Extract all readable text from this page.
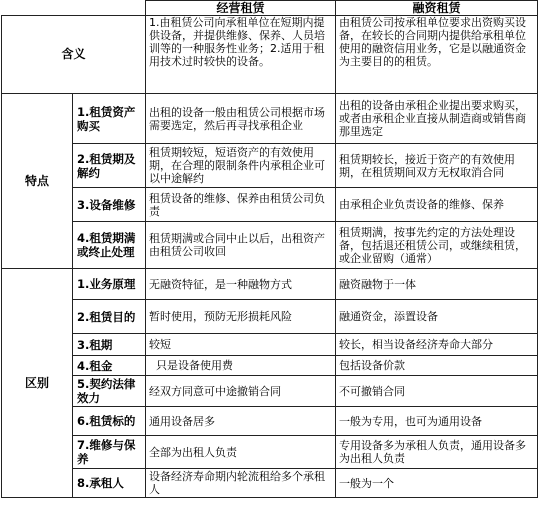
		经营租赁	融资租赁
含义		1.由租赁公司向承租单位在短期内提供设备，并提供维修、保养、人员培训等的一种服务性业务；2.适用于租用技术过时较快的设备。	由租赁公司按承租单位要求出资购买设备，在较长的合同期内提供给承租单位使用的融资信用业务，它是以融通资金为主要目的的租赁。
特点	1.租赁资产购买	出租的设备一般由租赁公司根据市场需要选定，然后再寻找承租企业	出租的设备由承租企业提出要求购买，或者由承租企业直接从制造商或销售商那里选定
	2.租赁期及解约	租赁期较短，短语资产的有效使用期，在合理的限制条件内承租企业可以中途解约	租赁期较长，接近于资产的有效使用期，在租赁期间双方无权取消合同
	3.设备维修	租赁设备的维修、保养由租赁公司负责	由承租企业负责设备的维修、保养
	4.租赁期满或终止处理	租赁期满或合同中止以后，出租资产由租赁公司收回	租赁期满，按事先约定的方法处理设备，包括退还租赁公司，或继续租赁，或企业留购（通常）
区别	1.业务原理	无融资特征，是一种融物方式	融资融物于一体
	2.租赁目的	暂时使用，预防无形损耗风险	融通资金，添置设备
	3.租期	较短	较长，相当设备经济寿命大部分
	4.租金	只是设备使用费	包括设备价款
	5.契约法律效力	经双方同意可中途撤销合同	不可撤销合同
	6.租赁标的	通用设备居多	一般为专用，也可为通用设备
	7.维修与保养	全部为出租人负责	专用设备多为承租人负责，通用设备多为出租人负责
	8.承租人	设备经济寿命期内轮流租给多个承租人	一般为一个
